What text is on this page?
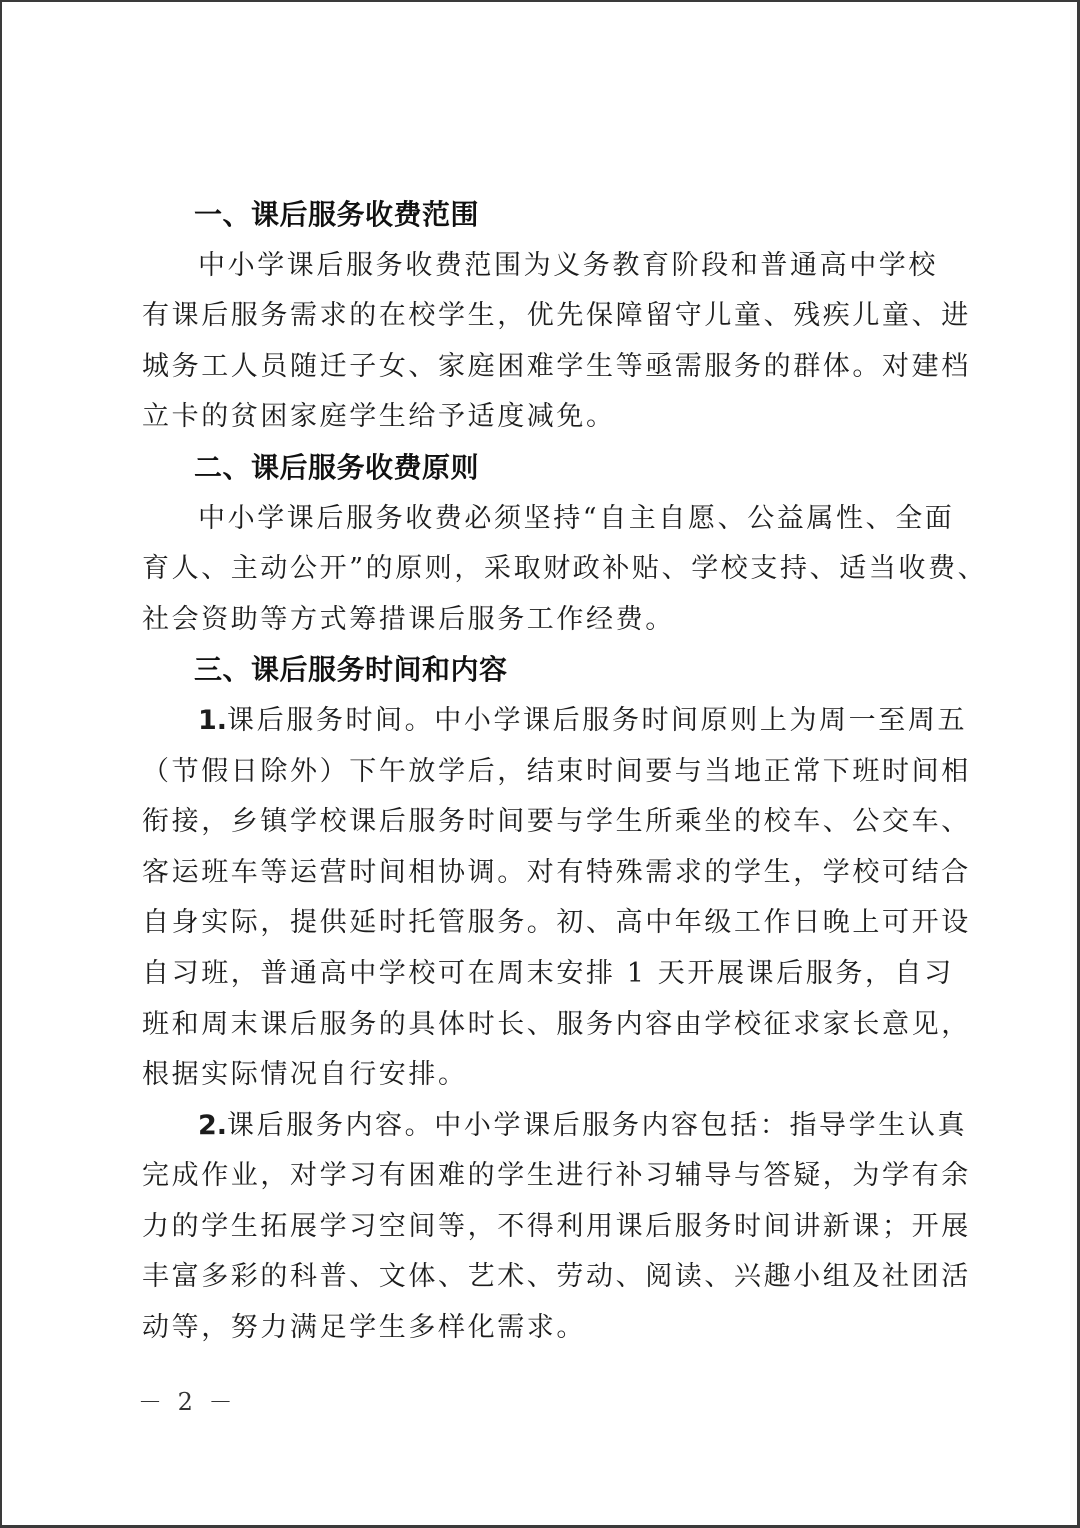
一、课后服务收费范围
中小学课后服务收费范围为义务教育阶段和普通高中学校
有课后服务需求的在校学生，优先保障留守儿童、残疾儿童、进
城务工人员随迁子女、家庭困难学生等亟需服务的群体。对建档
立卡的贫困家庭学生给予适度减免。
二、课后服务收费原则
中小学课后服务收费必须坚持“自主自愿、公益属性、全面
育人、主动公开”的原则，采取财政补贴、学校支持、适当收费、
社会资助等方式筹措课后服务工作经费。
三、课后服务时间和内容
1.课后服务时间。中小学课后服务时间原则上为周一至周五
（节假日除外）下午放学后，结束时间要与当地正常下班时间相
衔接，乡镇学校课后服务时间要与学生所乘坐的校车、公交车、
客运班车等运营时间相协调。对有特殊需求的学生，学校可结合
自身实际，提供延时托管服务。初、高中年级工作日晚上可开设
自习班，普通高中学校可在周末安排 1 天开展课后服务，自习
班和周末课后服务的具体时长、服务内容由学校征求家长意见，
根据实际情况自行安排。
2.课后服务内容。中小学课后服务内容包括：指导学生认真
完成作业，对学习有困难的学生进行补习辅导与答疑，为学有余
力的学生拓展学习空间等，不得利用课后服务时间讲新课；开展
丰富多彩的科普、文体、艺术、劳动、阅读、兴趣小组及社团活
动等，努力满足学生多样化需求。
－ 2 －
